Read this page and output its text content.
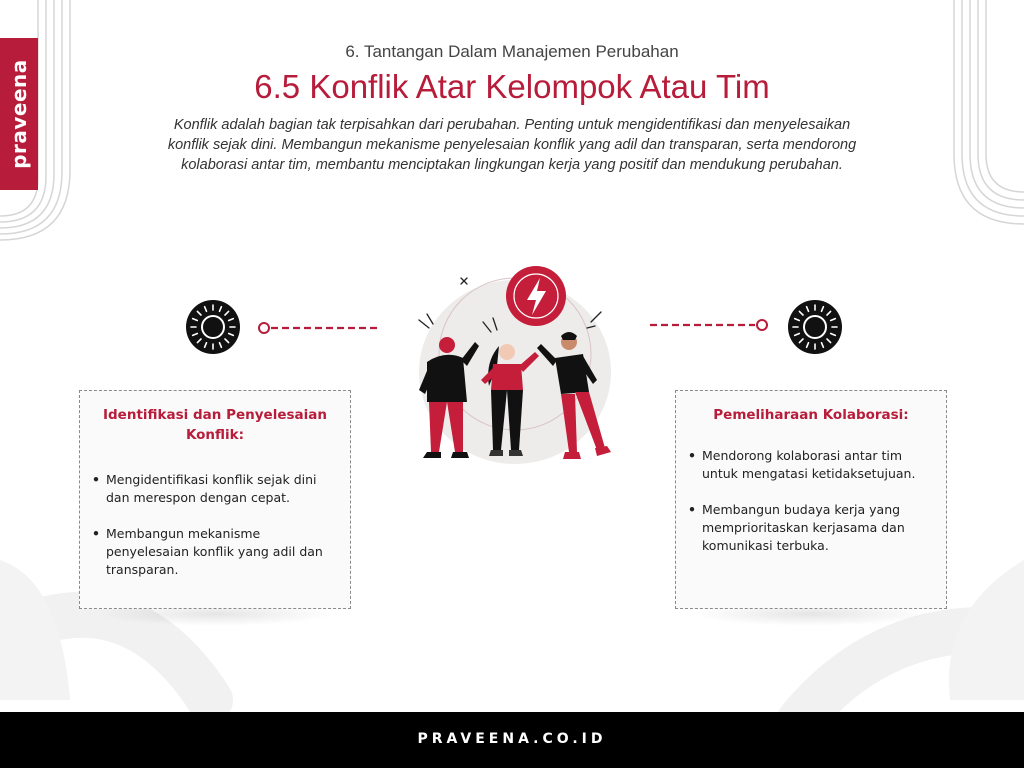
praveena
6. Tantangan Dalam Manajemen Perubahan
6.5 Konflik Atar Kelompok Atau Tim
Konflik adalah bagian tak terpisahkan dari perubahan. Penting untuk mengidentifikasi dan menyelesaikan konflik sejak dini. Membangun mekanisme penyelesaian konflik yang adil dan transparan, serta mendorong kolaborasi antar tim, membantu menciptakan lingkungan kerja yang positif dan mendukung perubahan.
Identifikasi dan Penyelesaian Konflik:
• Mengidentifikasi konflik sejak dini dan merespon dengan cepat.
• Membangun mekanisme penyelesaian konflik yang adil dan transparan.
Pemeliharaan Kolaborasi:
• Mendorong kolaborasi antar tim untuk mengatasi ketidaksetujuan.
• Membangun budaya kerja yang memprioritaskan kerjasama dan komunikasi terbuka.
PRAVEENA.CO.ID
